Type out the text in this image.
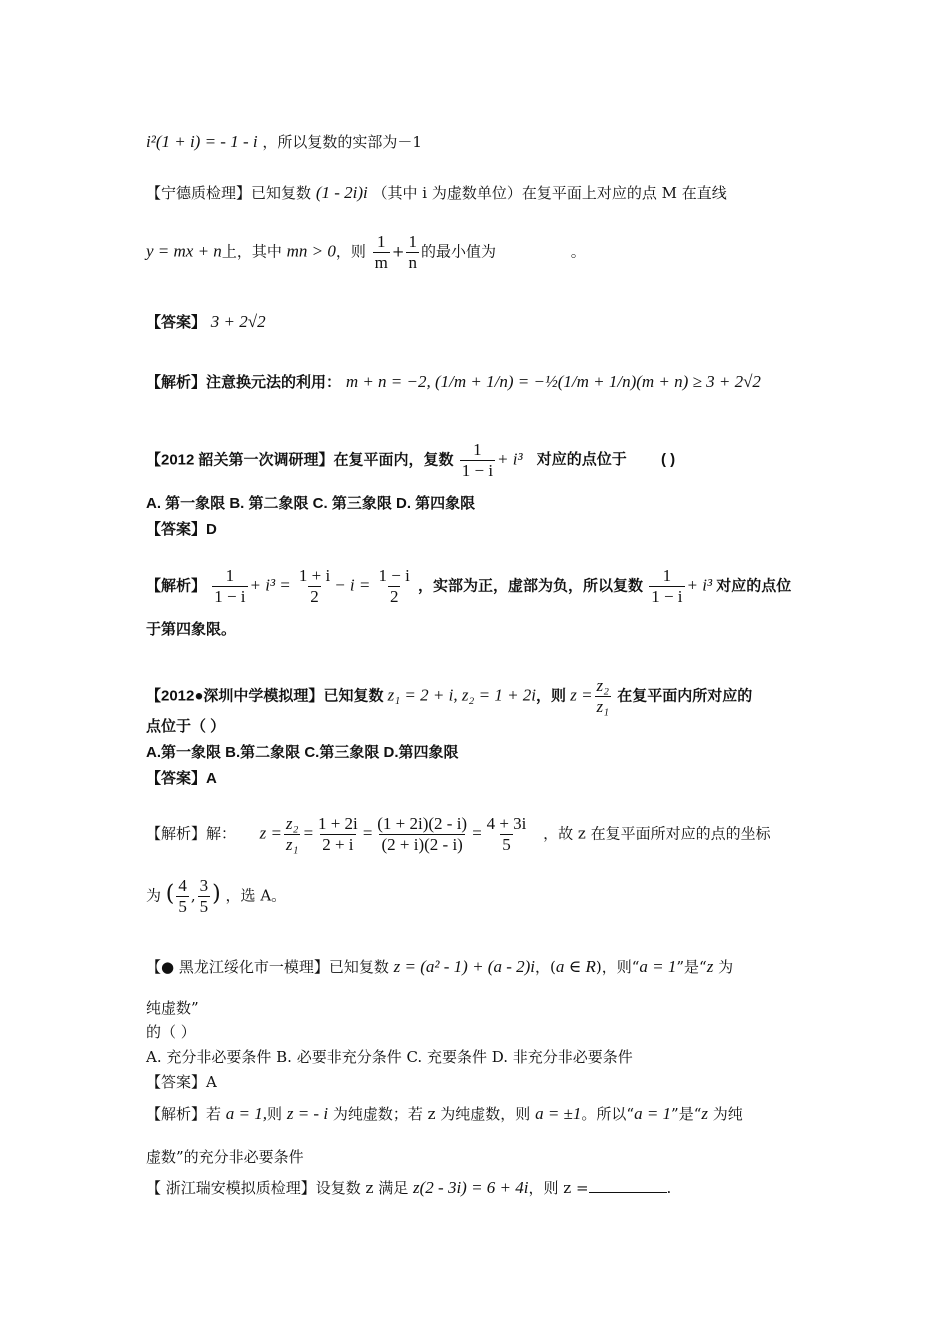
i²(1 + i) = - 1 - i ，所以复数的实部为－1
【宁德质检理】已知复数 (1 - 2i)i （其中 i 为虚数单位）在复平面上对应的点 M 在直线
y = mx + n上，其中 mn > 0，则 $\frac{1}{m} + \frac{1}{n}$ 的最小值为	。
【答案】 3 + 2√2
【解析】注意换元法的利用： m + n = −2, (1/m + 1/n) = −½(1/m + 1/n)(m + n) ≥ 3 + 2√2
【2012 韶关第一次调研理】在复平面内，复数 $\frac{1}{1 - i} + i^3$ 对应的点位于 ( )
A. 第一象限 B. 第二象限 C. 第三象限 D. 第四象限
【答案】D
【解析】 $\frac{1}{1 - i} + i^3 = \frac{1 + i}{2} - i = \frac{1 - i}{2}$ ，实部为正，虚部为负，所以复数 $\frac{1}{1 - i} + i^3$ 对应的点位
于第四象限。
【2012●深圳中学模拟理】已知复数 z₁ = 2 + i, z₂ = 1 + 2i，则 $z = \frac{\text{z₂}}{\text{z₁}}$ 在复平面内所对应的
点位于（ ）
A.第一象限 B.第二象限 C.第三象限 D.第四象限
【答案】A
【解析】解： $z = \frac{\text{z₂}}{\text{z₁}} = \frac{1 + 2i}{2 + i} = \frac{(1 + 2i)(2 - i)}{(2 + i)(2 - i)} = \frac{4 + 3i}{5}$ ，故 z 在复平面所对应的点的坐标
为 ( $\frac{4}{5}$ , $\frac{3}{5}$ ) ，选 A。
【● 黑龙江绥化市一模理】已知复数 z = (a² - 1) + (a - 2)i，(a ∈ R)，则“a = 1”是“z 为
纯虚数”
的（ ）
A. 充分非必要条件 B. 必要非充分条件 C. 充要条件 D. 非充分非必要条件
【答案】A
【解析】若 a = 1,则 z = - i 为纯虚数；若 z 为纯虚数，则 a = ±1。所以“a = 1”是“z 为纯
虚数”的充分非必要条件
【 浙江瑞安模拟质检理】设复数 z 满足 z(2 - 3i) = 6 + 4i，则 z =	.
